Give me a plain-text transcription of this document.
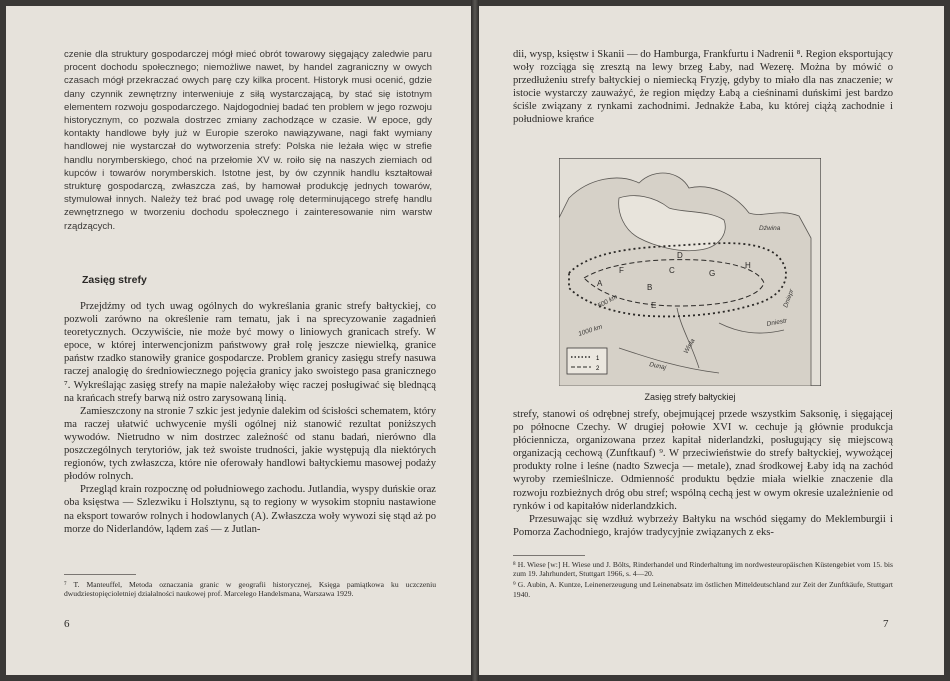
czenie dla struktury gospodarczej mógł mieć obrót towarowy sięgający zaledwie paru procent dochodu społecznego; niemożliwe nawet, by handel zagraniczny w owych czasach mógł przekraczać owych parę czy kilka procent. Historyk musi ocenić, gdzie dany czynnik zewnętrzny interweniuje z siłą wystarczającą, by stać się istotnym elementem rozwoju gospodarczego. Najdogodniej badać ten problem w jego rozwoju historycznym, co pozwala dostrzec zmiany zachodzące w czasie. W epoce, gdy kontakty handlowe były już w Europie szeroko nawiązywane, nagi fakt wymiany handlowej nie wystarczał do wytworzenia strefy: Polska nie leżała więc w strefie handlu norymberskiego, choć na przełomie XV w. roiło się na naszych ziemiach od kupców i towarów norymberskich. Istotne jest, by ów czynnik handlu kształtował strukturę gospodarczą, zwłaszcza zaś, by hamował produkcję jednych towarów, stymulował innych. Należy też brać pod uwagę rolę determinującego strefę handlu zewnętrznego w tworzeniu dochodu społecznego i zainteresowanie nim warstw rządzących.

Zasięg strefy

Przejdźmy od tych uwag ogólnych do wykreślania granic strefy bałtyckiej, co pozwoli zarówno na określenie ram tematu, jak i na sprecyzowanie zagadnień teoretycznych. Oczywiście, nie może być mowy o liniowych granicach strefy. W epoce, w której interwencjonizm państwowy grał rolę jeszcze niewielką, granice państw rzadko stanowiły granice gospodarcze. Problem granicy zasięgu strefy nasuwa raczej analogię do średniowiecznego pojęcia granicy jako swoistego pasa granicznego ⁷. Wykreślając zasięg strefy na mapie należałoby więc raczej posługiwać się blednącą na krańcach strefy barwą niż ostro zarysowaną linią.

Zamieszczony na stronie 7 szkic jest jedynie dalekim od ścisłości schematem, który ma raczej ułatwić uchwycenie myśli ogólnej niż stanowić rezultat poniższych wywodów. Nietrudno w nim dostrzec zależność od stanu badań, nierówno dla poszczególnych terytoriów, jak też swoiste trudności, jakie występują dla niektórych regionów, tych zwłaszcza, które nie oferowały handlowi bałtyckiemu masowej podaży płodów rolnych.

Przegląd krain rozpocznę od południowego zachodu. Jutlandia, wyspy duńskie oraz oba księstwa — Szlezwiku i Holsztynu, są to regiony w wysokim stopniu nastawione na eksport towarów rolnych i hodowlanych (A). Zwłaszcza woły wywozi się stąd aż po morze do Niderlandów, lądem zaś — z Jutlan-

⁷ T. Manteuffel, Metoda oznaczania granic w geografii historycznej, Księga pamiątkowa ku uczczeniu dwudziestopięcioletniej działalności naukowej prof. Marcelego Handelsmana, Warszawa 1929.

6

dii, wysp, księstw i Skanii — do Hamburga, Frankfurtu i Nadrenii ⁸. Region eksportujący woły rozciąga się zresztą na lewy brzeg Łaby, nad Wezerę. Można by mówić o przedłużeniu strefy bałtyckiej o niemiecką Fryzję, gdyby to miało dla nas znaczenie; w istocie wystarczy zauważyć, że region między Łabą a cieśninami duńskimi jest bardzo ściśle związany z rynkami zachodnimi. Jednakże Łaba, ku której ciążą zachodnie i południowe krańce

A	B
C
D
E
F	G
H
500 km
1000 km
Wisła
Dniestr
Dunaj
Dniepr
Dźwina
1
2
Zasięg strefy bałtyckiej

strefy, stanowi oś odrębnej strefy, obejmującej przede wszystkim Saksonię, i sięgającej po północne Czechy. W drugiej połowie XVI w. cechuje ją głównie produkcja płóciennicza, organizowana przez kapitał niderlandzki, posługujący się miejscową organizacją cechową (Zunftkauf) ⁹. W przeciwieństwie do strefy bałtyckiej, wywożącej produkty rolne i leśne (nadto Szwecja — metale), znad środkowej Łaby idą na zachód wyroby rzemieślnicze. Odmienność produktu będzie miała wielkie znaczenie dla rozwoju rozbieżnych dróg obu stref; wspólną cechą jest w owym okresie uzależnienie od rynków i od kapitałów niderlandzkich.

Przesuwając się wzdłuż wybrzeży Bałtyku na wschód sięgamy do Meklemburgii i Pomorza Zachodniego, krajów tradycyjnie związanych z eks-

⁸ H. Wiese [w:] H. Wiese und J. Bölts, Rinderhandel und Rinderhaltung im nordwesteuropäischen Küstengebiet vom 15. bis zum 19. Jahrhundert, Stuttgart 1966, s. 4—20.

⁹ G. Aubin, A. Kuntze, Leinenerzeugung und Leinenabsatz im östlichen Mitteldeutschland zur Zeit der Zunftkäufe, Stuttgart 1940.

7
